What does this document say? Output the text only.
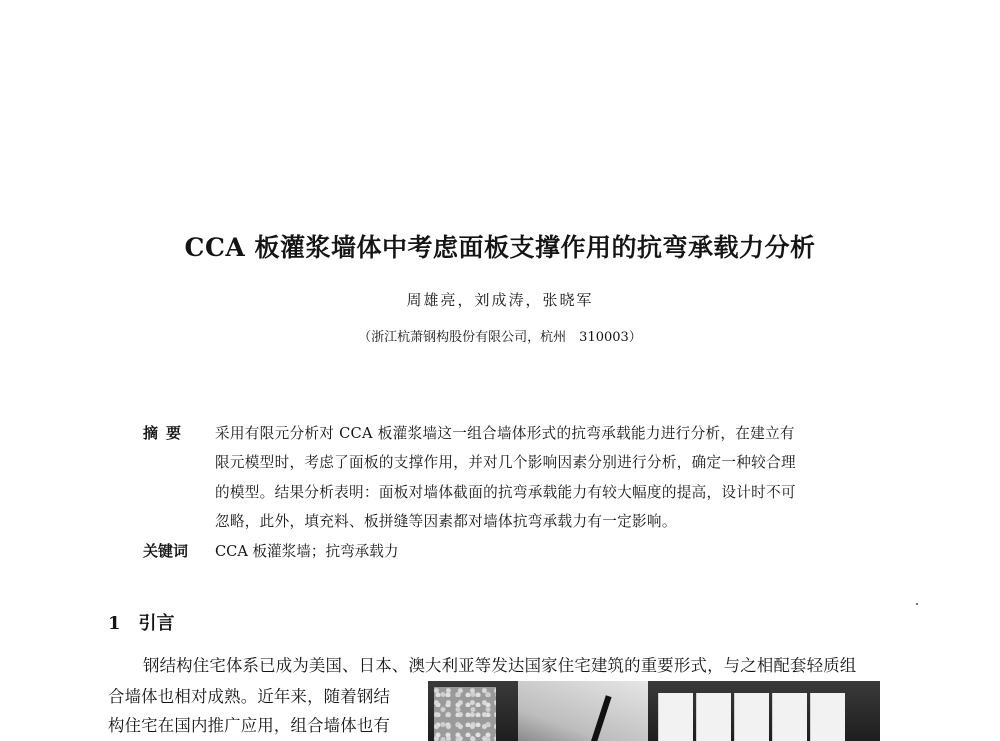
CCA 板灌浆墙体中考虑面板支撑作用的抗弯承载力分析
周雄亮，刘成涛，张晓军
（浙江杭萧钢构股份有限公司，杭州　310003）
摘要 采用有限元分析对 CCA 板灌浆墙这一组合墙体形式的抗弯承载能力进行分析，在建立有
限元模型时，考虑了面板的支撑作用，并对几个影响因素分别进行分析，确定一种较合理
的模型。结果分析表明：面板对墙体截面的抗弯承载能力有较大幅度的提高，设计时不可
忽略，此外，填充料、板拼缝等因素都对墙体抗弯承载力有一定影响。
关键词 CCA 板灌浆墙；抗弯承载力
1 引言
钢结构住宅体系已成为美国、日本、澳大利亚等发达国家住宅建筑的重要形式，与之相配套轻质组
合墙体也相对成熟。近年来，随着钢结
构住宅在国内推广应用，组合墙体也有
